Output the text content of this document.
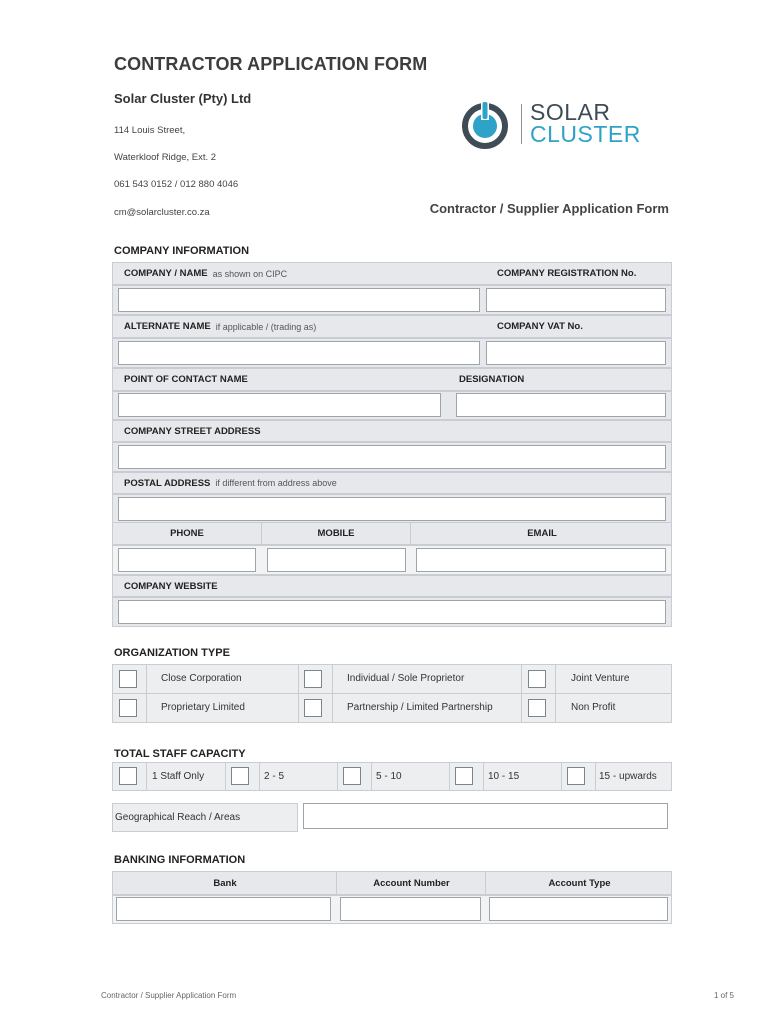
CONTRACTOR APPLICATION FORM
Solar Cluster (Pty) Ltd
114 Louis Street,
Waterkloof Ridge, Ext. 2
061 543 0152 / 012 880 4046
cm@solarcluster.co.za
SOLAR
CLUSTER
Contractor / Supplier Application Form
COMPANY INFORMATION
COMPANY / NAME as shown on CIPC	COMPANY REGISTRATION No.
ALTERNATE NAME if applicable / (trading as)	COMPANY VAT No.
POINT OF CONTACT NAME	DESIGNATION
COMPANY STREET ADDRESS
POSTAL ADDRESS if different from address above
PHONE	MOBILE	EMAIL
COMPANY WEBSITE
ORGANIZATION TYPE
Close Corporation	Individual / Sole Proprietor	Joint Venture
Proprietary Limited	Partnership / Limited Partnership	Non Profit
TOTAL STAFF CAPACITY
1 Staff Only	2 - 5	5 - 10	10 - 15	15 - upwards
Geographical Reach / Areas
BANKING INFORMATION
Bank	Account Number	Account Type
Contractor / Supplier Application Form	1 of 5
